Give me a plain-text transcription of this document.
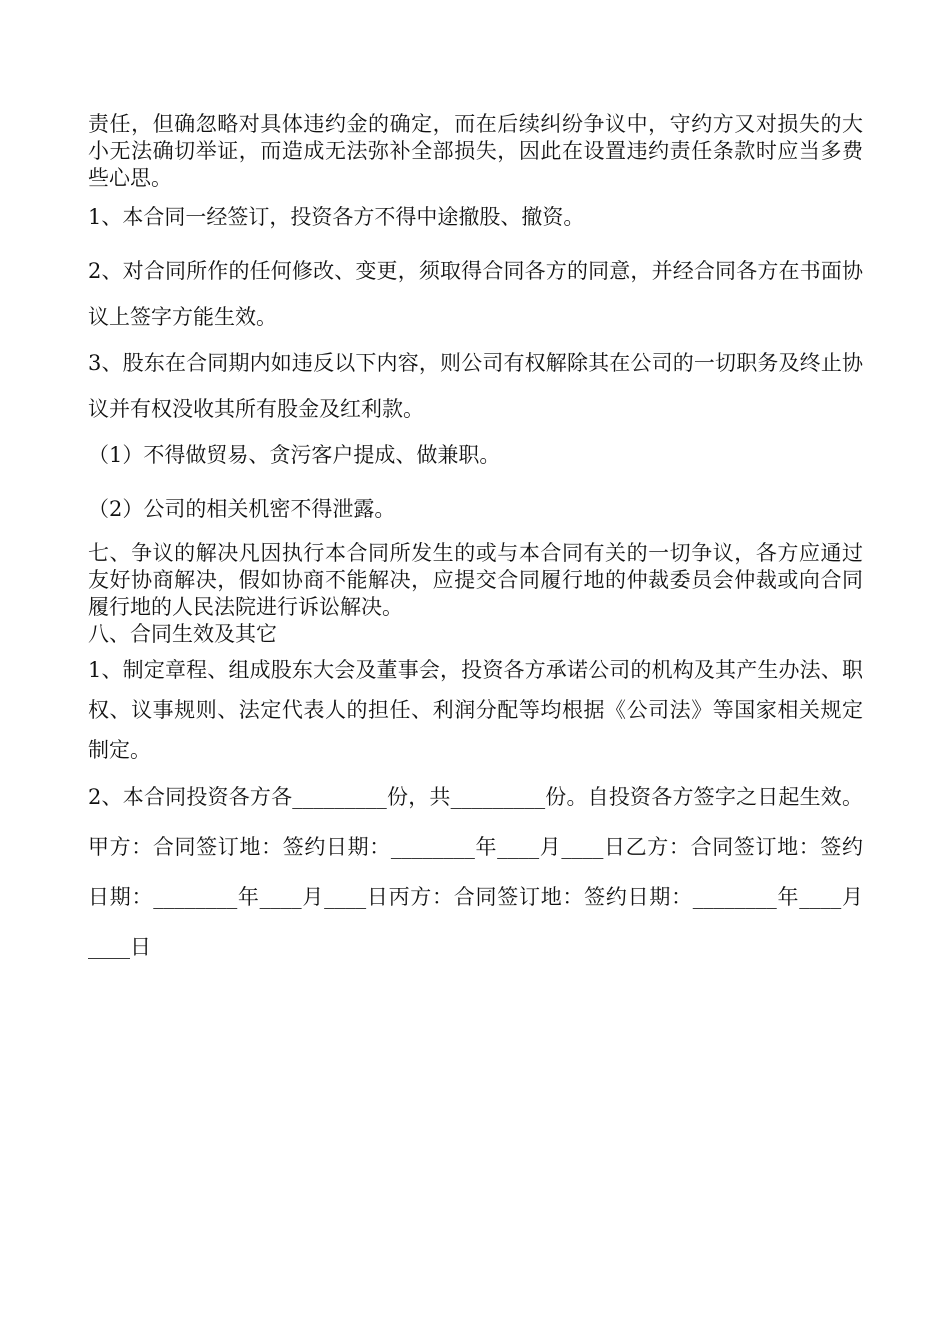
责任，但确忽略对具体违约金的确定，而在后续纠纷争议中，守约方又对损失的大小无法确切举证，而造成无法弥补全部损失，因此在设置违约责任条款时应当多费些心思。

1、本合同一经签订，投资各方不得中途撤股、撤资。

2、对合同所作的任何修改、变更，须取得合同各方的同意，并经合同各方在书面协议上签字方能生效。

3、股东在合同期内如违反以下内容，则公司有权解除其在公司的一切职务及终止协议并有权没收其所有股金及红利款。

（1）不得做贸易、贪污客户提成、做兼职。

（2）公司的相关机密不得泄露。

七、争议的解决凡因执行本合同所发生的或与本合同有关的一切争议，各方应通过友好协商解决，假如协商不能解决，应提交合同履行地的仲裁委员会仲裁或向合同履行地的人民法院进行诉讼解决。

八、合同生效及其它

1、制定章程、组成股东大会及董事会，投资各方承诺公司的机构及其产生办法、职权、议事规则、法定代表人的担任、利润分配等均根据《公司法》等国家相关规定制定。

2、本合同投资各方各_________份，共_________份。自投资各方签字之日起生效。甲方：合同签订地：签约日期：________年____月____日乙方：合同签订地：签约日期：________年____月____日丙方：合同签订地：签约日期：________年____月____日
